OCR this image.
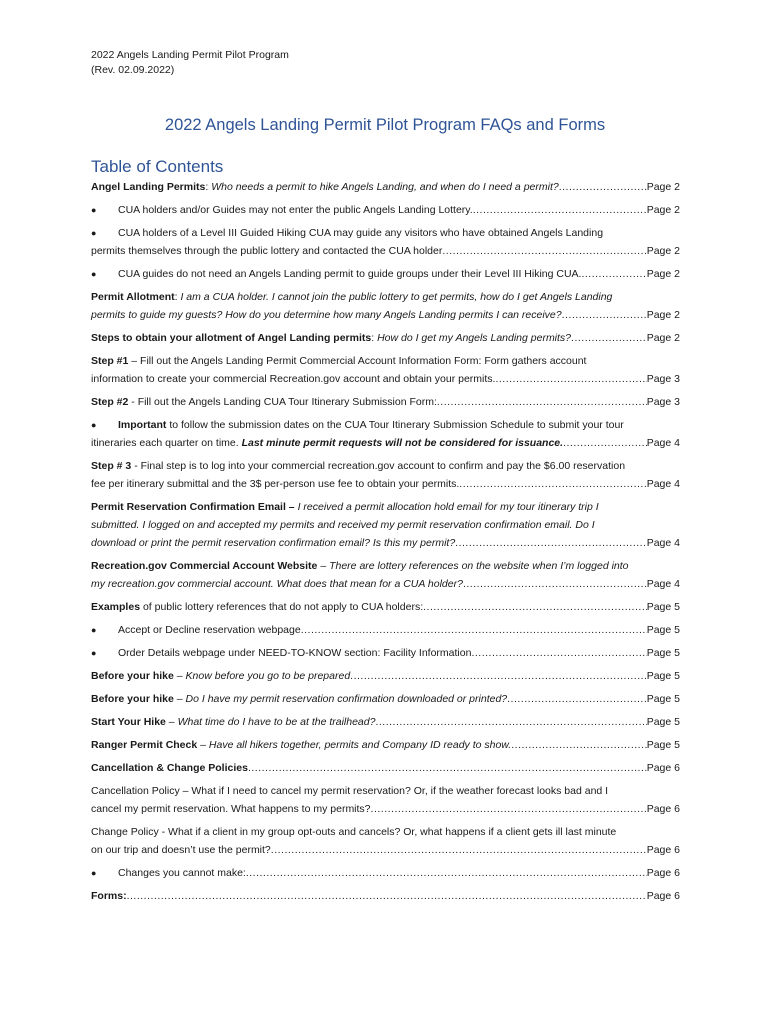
2022 Angels Landing Permit Pilot Program
(Rev. 02.09.2022)
2022 Angels Landing Permit Pilot Program FAQs and Forms
Table of Contents
Angel Landing Permits: Who needs a permit to hike Angels Landing, and when do I need a permit? .....	Page 2
● CUA holders and/or Guides may not enter the public Angels Landing Lottery. .....	Page 2
● CUA holders of a Level III Guided Hiking CUA may guide any visitors who have obtained Angels Landing
permits themselves through the public lottery and contacted the CUA holder .....	Page 2
● CUA guides do not need an Angels Landing permit to guide groups under their Level III Hiking CUA. .....	Page 2
Permit Allotment: I am a CUA holder. I cannot join the public lottery to get permits, how do I get Angels Landing
permits to guide my guests? How do you determine how many Angels Landing permits I can receive? .....	Page 2
Steps to obtain your allotment of Angel Landing permits: How do I get my Angels Landing permits? .....	Page 2
Step #1 – Fill out the Angels Landing Permit Commercial Account Information Form: Form gathers account
information to create your commercial Recreation.gov account and obtain your permits. .....	Page 3
Step #2 - Fill out the Angels Landing CUA Tour Itinerary Submission Form: .....	Page 3
● Important to follow the submission dates on the CUA Tour Itinerary Submission Schedule to submit your tour
itineraries each quarter on time. Last minute permit requests will not be considered for issuance. .....	Page 4
Step # 3 - Final step is to log into your commercial recreation.gov account to confirm and pay the $6.00 reservation
fee per itinerary submittal and the 3$ per-person use fee to obtain your permits. .....	Page 4
Permit Reservation Confirmation Email – I received a permit allocation hold email for my tour itinerary trip I
submitted. I logged on and accepted my permits and received my permit reservation confirmation email. Do I
download or print the permit reservation confirmation email? Is this my permit? .....	Page 4
Recreation.gov Commercial Account Website – There are lottery references on the website when I’m logged into
my recreation.gov commercial account. What does that mean for a CUA holder? .....	Page 4
Examples of public lottery references that do not apply to CUA holders: .....	Page 5
● Accept or Decline reservation webpage .....	Page 5
● Order Details webpage under NEED-TO-KNOW section: Facility Information .....	Page 5
Before your hike – Know before you go to be prepared .....	Page 5
Before your hike – Do I have my permit reservation confirmation downloaded or printed? .....	Page 5
Start Your Hike – What time do I have to be at the trailhead? .....	Page 5
Ranger Permit Check – Have all hikers together, permits and Company ID ready to show. .....	Page 5
Cancellation & Change Policies .....	Page 6
Cancellation Policy – What if I need to cancel my permit reservation? Or, if the weather forecast looks bad and I
cancel my permit reservation. What happens to my permits? .....	Page 6
Change Policy - What if a client in my group opt-outs and cancels? Or, what happens if a client gets ill last minute
on our trip and doesn’t use the permit? .....	Page 6
● Changes you cannot make: .....	Page 6
Forms: .....	Page 6
